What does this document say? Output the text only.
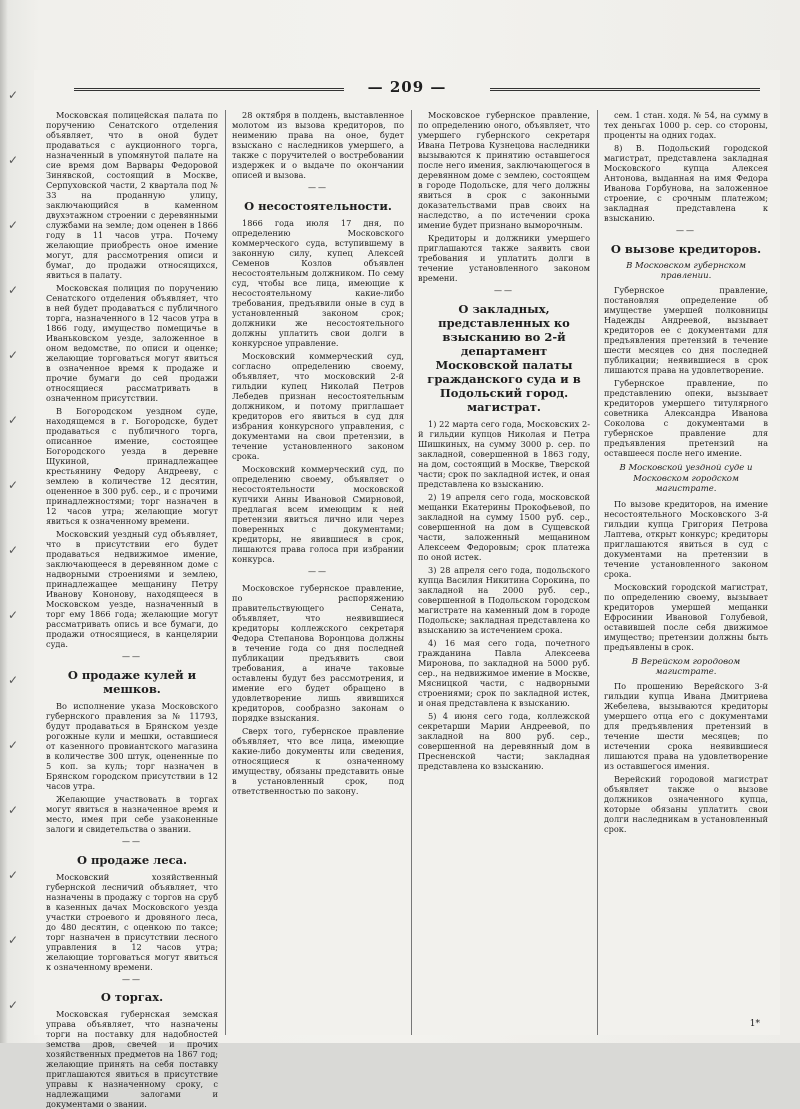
✓
✓
✓
✓
✓
✓
✓
✓
✓
✓
✓
✓
✓
✓
✓
— 209 —

Московская полицейская палата по поручению Сенатского отделения объявляет, что в оной будет продаваться с аукционного торга, назначенный в упомянутой палате на сие время дом Варвары Федоровой Зинявской, состоящий в Москве, Серпуховской части, 2 квартала под № 33 на проданную улицу, заключающийся в каменном двухэтажном строении с деревянными службами на земле; дом оценен в 1866 году в 11 часов утра. Почему желающие приобресть оное имение могут, для рассмотрения описи и бумаг, до продажи относящихся, явиться в палату.

Московская полиция по поручению Сенатского отделения объявляет, что в ней будет продаваться с публичного торга, назначенного в 12 часов утра в 1866 году, имущество помещичье в Иваньковском уезде, заложенное в оном ведомстве, по описи и оценке; желающие торговаться могут явиться в означенное время к продаже и прочие бумаги до сей продажи относящиеся рассматривать в означенном присутствии.

В Богородском уездном суде, находящемся в г. Богородске, будет продаваться с публичного торга, описанное имение, состоящее Богородского уезда в деревне Щукиной, принадлежащее крестьянину Федору Андрееву, с землею в количестве 12 десятин, оцененное в 300 руб. сер., и с прочими принадлежностями; торг назначен в 12 часов утра; желающие могут явиться к означенному времени.

Московский уездный суд объявляет, что в присутствии его будет продаваться недвижимое имение, заключающееся в деревянном доме с надворными строениями и землею, принадлежащее мещанину Петру Иванову Кононову, находящееся в Московском уезде, назначенный в торг ему 1866 года; желающие могут рассматривать опись и все бумаги, до продажи относящиеся, в канцелярии суда.

——
О продаже кулей и мешков.

Во исполнение указа Московского губернского правления за № 11793, будут продаваться в Брянском уезде рогожные кули и мешки, оставшиеся от казенного провиантского магазина в количестве 300 штук, оцененные по 5 коп. за куль; торг назначен в Брянском городском присутствии в 12 часов утра.

Желающие участвовать в торгах могут явиться в назначенное время и место, имея при себе узаконенные залоги и свидетельства о звании.

——
О продаже леса.

Московский хозяйственный губернской лесничий объявляет, что назначены в продажу с торгов на сруб в казенных дачах Московского уезда участки строевого и дровяного леса, до 480 десятин, с оценкою по таксе; торг назначен в присутствии лесного управления в 12 часов утра; желающие торговаться могут явиться к означенному времени.

——
О торгах.

Московская губернская земская управа объявляет, что назначены торги на поставку для надобностей земства дров, свечей и прочих хозяйственных предметов на 1867 год; желающие принять на себя поставку приглашаются явиться в присутствие управы к назначенному сроку, с надлежащими залогами и документами о звании.

28 октября в полдень, выставленное молотом из вызова кредиторов, по неимению права на оное, будет взыскано с наследников умершего, а также с поручителей о востребовании издержек и о выдаче по окончании описей и вызова.

——
О несостоятельности.

1866 года июля 17 дня, по определению Московского коммерческого суда, вступившему в законную силу, купец Алексей Семенов Козлов объявлен несостоятельным должником. По сему суд, чтобы все лица, имеющие к несостоятельному какие-либо требования, предъявили оные в суд в установленный законом срок; должники же несостоятельного должны уплатить свои долги в конкурсное управление.

Московский коммерческий суд, согласно определению своему, объявляет, что московский 2-й гильдии купец Николай Петров Лебедев признан несостоятельным должником, и потому приглашает кредиторов его явиться в суд для избрания конкурсного управления, с документами на свои претензии, в течение установленного законом срока.

Московский коммерческий суд, по определению своему, объявляет о несостоятельности московской купчихи Анны Ивановой Смирновой, предлагая всем имеющим к ней претензии явиться лично или через поверенных с документами; кредиторы, не явившиеся в срок, лишаются права голоса при избрании конкурса.

——

Московское губернское правление, по распоряжению правительствующего Сената, объявляет, что неявившиеся кредиторы коллежского секретаря Федора Степанова Воронцова должны в течение года со дня последней публикации предъявить свои требования, а иначе таковые оставлены будут без рассмотрения, и имение его будет обращено в удовлетворение лишь явившихся кредиторов, сообразно законам о порядке взыскания.

Сверх того, губернское правление объявляет, что все лица, имеющие какие-либо документы или сведения, относящиеся к означенному имуществу, обязаны представить оные в установленный срок, под ответственностью по закону.

Московское губернское правление, по определению оного, объявляет, что умершего губернского секретаря Ивана Петрова Кузнецова наследники вызываются к принятию оставшегося после него имения, заключающегося в деревянном доме с землею, состоящем в городе Подольске, для чего должны явиться в срок с законными доказательствами прав своих на наследство, а по истечении срока имение будет признано выморочным.

Кредиторы и должники умершего приглашаются также заявить свои требования и уплатить долги в течение установленного законом времени.

——
О закладных, представленных ко взысканию во 2-й департамент Московской палаты гражданского суда и в Подольский город. магистрат.

1) 22 марта сего года, Московских 2-й гильдии купцов Николая и Петра Шишкиных, на сумму 3000 р. сер. по закладной, совершенной в 1863 году, на дом, состоящий в Москве, Тверской части; срок по закладной истек, и оная представлена ко взысканию.

2) 19 апреля сего года, московской мещанки Екатерины Прокофьевой, по закладной на сумму 1500 руб. сер., совершенной на дом в Сущевской части, заложенный мещанином Алексеем Федоровым; срок платежа по оной истек.

3) 28 апреля сего года, подольского купца Василия Никитина Сорокина, по закладной на 2000 руб. сер., совершенной в Подольском городском магистрате на каменный дом в городе Подольске; закладная представлена ко взысканию за истечением срока.

4) 16 мая сего года, почетного гражданина Павла Алексеева Миронова, по закладной на 5000 руб. сер., на недвижимое имение в Москве, Мясницкой части, с надворными строениями; срок по закладной истек, и оная представлена к взысканию.

5) 4 июня сего года, коллежской секретарши Марии Андреевой, по закладной на 800 руб. сер., совершенной на деревянный дом в Пресненской части; закладная представлена ко взысканию.

сем. 1 стан. ходя. № 54, на сумму в тех деньгах 1000 р. сер. со стороны, проценты на одних годах.

8) В. Подольский городской магистрат, представлена закладная Московского купца Алексея Антонова, выданная на имя Федора Иванова Горбунова, на заложенное строение, с срочным платежом; закладная представлена к взысканию.

——
О вызове кредиторов.
В Московском губернском правлении.

Губернское правление, постановляя определение об имуществе умершей полковницы Надежды Андреевой, вызывает кредиторов ее с документами для предъявления претензий в течение шести месяцев со дня последней публикации; неявившиеся в срок лишаются права на удовлетворение.

Губернское правление, по представлению опеки, вызывает кредиторов умершего титулярного советника Александра Иванова Соколова с документами в губернское правление для предъявления претензий на оставшееся после него имение.

В Московской уездной суде и Московском городском магистрате.

По вызове кредиторов, на имение несостоятельного Московского 3-й гильдии купца Григория Петрова Лаптева, открыт конкурс; кредиторы приглашаются явиться в суд с документами на претензии в течение установленного законом срока.

Московский городской магистрат, по определению своему, вызывает кредиторов умершей мещанки Ефросинии Ивановой Голубевой, оставившей после себя движимое имущество; претензии должны быть предъявлены в срок.

В Верейском городовом магистрате.

По прошению Верейского 3-й гильдии купца Ивана Дмитриева Жебелева, вызываются кредиторы умершего отца его с документами для предъявления претензий в течение шести месяцев; по истечении срока неявившиеся лишаются права на удовлетворение из оставшегося имения.

Верейский городовой магистрат объявляет также о вызове должников означенного купца, которые обязаны уплатить свои долги наследникам в установленный срок.

1*
